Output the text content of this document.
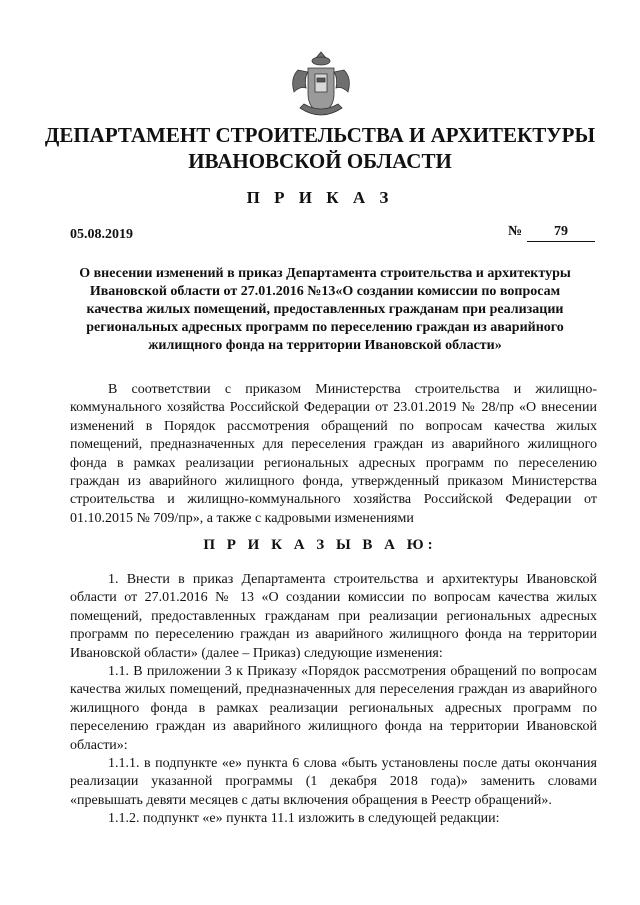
ДЕПАРТАМЕНТ СТРОИТЕЛЬСТВА И АРХИТЕКТУРЫ
ИВАНОВСКОЙ ОБЛАСТИ
П Р И К А З
05.08.2019	№	79
О внесении изменений в приказ Департамента строительства и архитектуры Ивановской области от 27.01.2016 №13«О создании комиссии по вопросам качества жилых помещений, предоставленных гражданам при реализации региональных адресных программ по переселению граждан из аварийного жилищного фонда на территории Ивановской области»

В соответствии с приказом Министерства строительства и жилищно-коммунального хозяйства Российской Федерации от 23.01.2019 № 28/пр «О внесении изменений в Порядок рассмотрения обращений по вопросам качества жилых помещений, предназначенных для переселения граждан из аварийного жилищного фонда в рамках реализации региональных адресных программ по переселению граждан из аварийного жилищного фонда, утвержденный приказом Министерства строительства и жилищно-коммунального хозяйства Российской Федерации от 01.10.2015 № 709/пр», а также с кадровыми изменениями

П Р И К А З Ы В А Ю:

1. Внести в приказ Департамента строительства и архитектуры Ивановской области от 27.01.2016 № 13 «О создании комиссии по вопросам качества жилых помещений, предоставленных гражданам при реализации региональных адресных программ по переселению граждан из аварийного жилищного фонда на территории Ивановской области» (далее – Приказ) следующие изменения:

1.1. В приложении 3 к Приказу «Порядок рассмотрения обращений по вопросам качества жилых помещений, предназначенных для переселения граждан из аварийного жилищного фонда в рамках реализации региональных адресных программ по переселению граждан из аварийного жилищного фонда на территории Ивановской области»:

1.1.1. в подпункте «е» пункта 6 слова «быть установлены после даты окончания реализации указанной программы (1 декабря 2018 года)» заменить словами «превышать девяти месяцев с даты включения обращения в Реестр обращений».

1.1.2. подпункт «е» пункта 11.1 изложить в следующей редакции:
